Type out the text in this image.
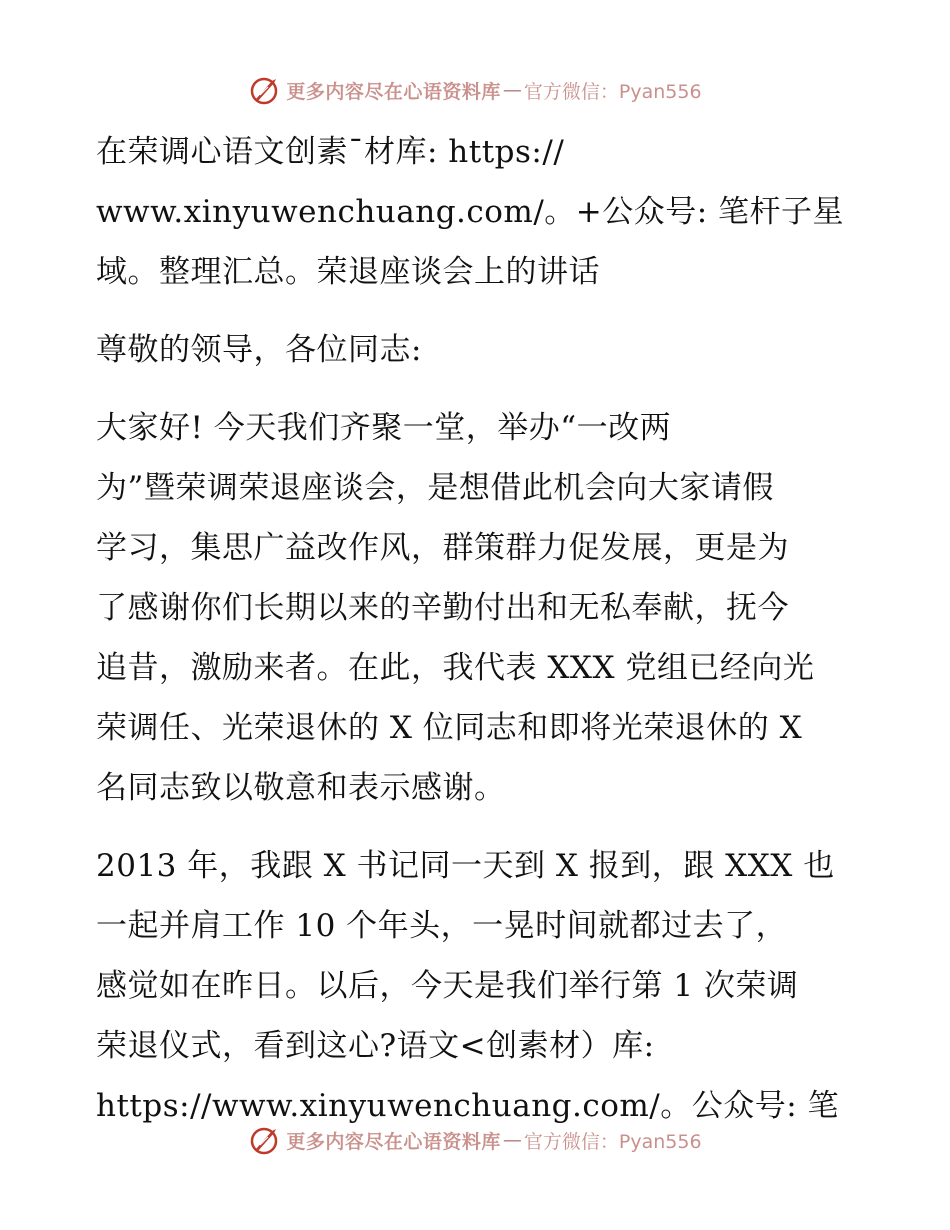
更多内容尽在心语资料库 — 官方微信：Pyan556
在荣调心语文创素¯材库: https://
www.xinyuwenchuang.com/。+公众号: 笔杆子星
域。整理汇总。荣退座谈会上的讲话
尊敬的领导，各位同志:
大家好! 今天我们齐聚一堂，举办“一改两
为”暨荣调荣退座谈会，是想借此机会向大家请假
学习，集思广益改作风，群策群力促发展，更是为
了感谢你们长期以来的辛勤付出和无私奉献，抚今
追昔，激励来者。在此，我代表 XXX 党组已经向光
荣调任、光荣退休的 X 位同志和即将光荣退休的 X
名同志致以敬意和表示感谢。
2013 年，我跟 X 书记同一天到 X 报到，跟 XXX 也
一起并肩工作 10 个年头，一晃时间就都过去了，
感觉如在昨日。以后，今天是我们举行第 1 次荣调
荣退仪式，看到这心?语文<创素材）库:
https://www.xinyuwenchuang.com/。公众号: 笔
更多内容尽在心语资料库 — 官方微信：Pyan556
